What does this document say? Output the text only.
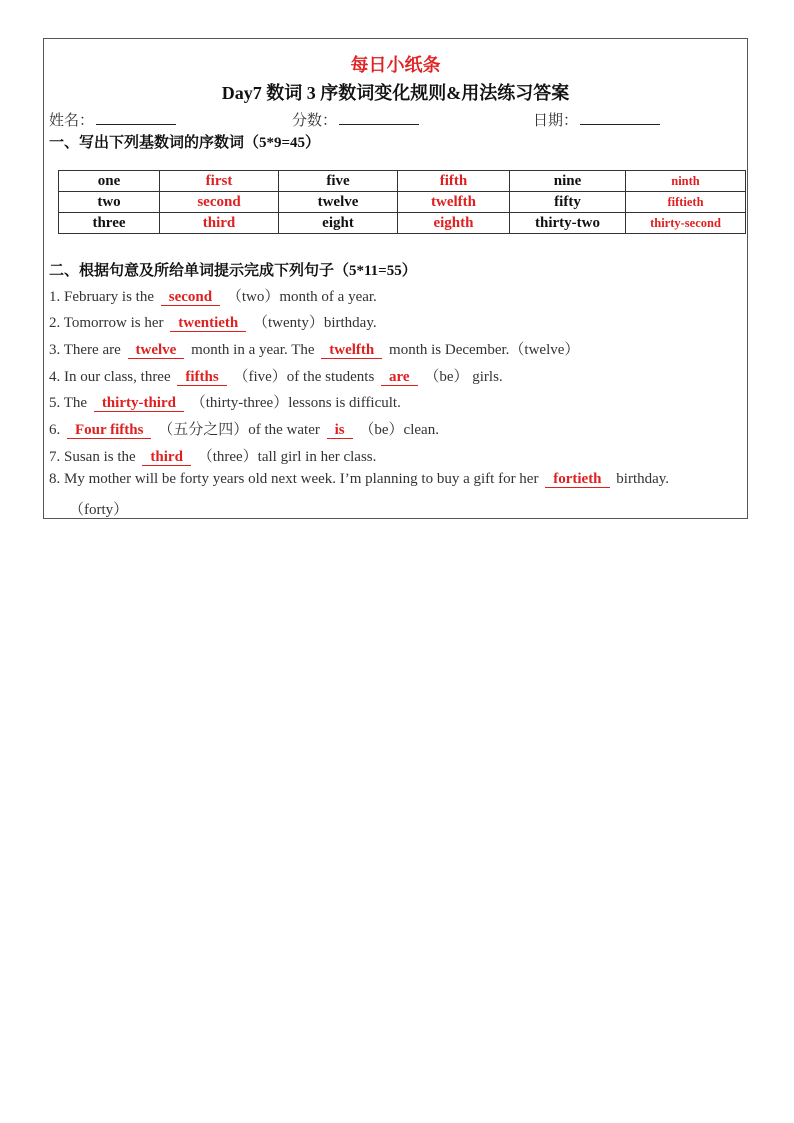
每日小纸条
Day7 数词 3 序数词变化规则&用法练习答案
姓名：	分数：	日期：
一、写出下列基数词的序数词（5*9=45）
one	first	five	fifth	nine	ninth
two	second	twelve	twelfth	fifty	fiftieth
three	third	eight	eighth	thirty-two	thirty-second
二、根据句意及所给单词提示完成下列句子（5*11=55）
1. February is the second （two）month of a year.
2. Tomorrow is her twentieth （twenty）birthday.
3. There are twelve month in a year. The twelfth month is December.（twelve）
4. In our class, three fifths （five）of the students are （be） girls.
5. The thirty-third （thirty-three）lessons is difficult.
6. Four fifths （五分之四）of the water is （be）clean.
7. Susan is the third （three）tall girl in her class.
8. My mother will be forty years old next week. I’m planning to buy a gift for her fortieth birthday.
（forty）
